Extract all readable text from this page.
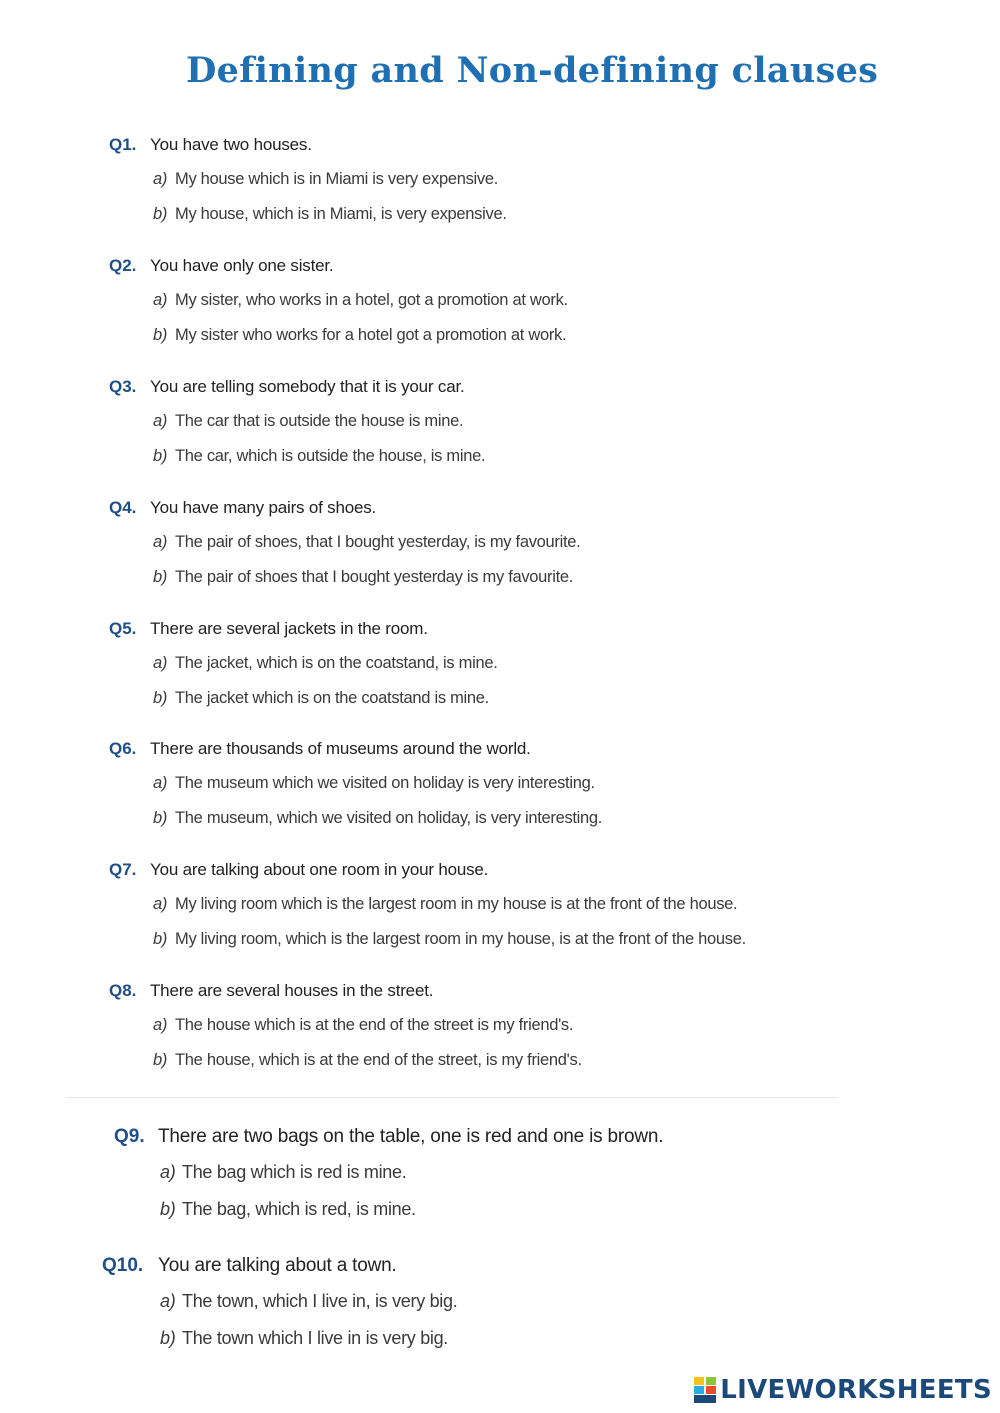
Defining and Non-defining clauses
Q1. You have two houses.
a) My house which is in Miami is very expensive.
b) My house, which is in Miami, is very expensive.
Q2. You have only one sister.
a) My sister, who works in a hotel, got a promotion at work.
b) My sister who works for a hotel got a promotion at work.
Q3. You are telling somebody that it is your car.
a) The car that is outside the house is mine.
b) The car, which is outside the house, is mine.
Q4. You have many pairs of shoes.
a) The pair of shoes, that I bought yesterday, is my favourite.
b) The pair of shoes that I bought yesterday is my favourite.
Q5. There are several jackets in the room.
a) The jacket, which is on the coatstand, is mine.
b) The jacket which is on the coatstand is mine.
Q6. There are thousands of museums around the world.
a) The museum which we visited on holiday is very interesting.
b) The museum, which we visited on holiday, is very interesting.
Q7. You are talking about one room in your house.
a) My living room which is the largest room in my house is at the front of the house.
b) My living room, which is the largest room in my house, is at the front of the house.
Q8. There are several houses in the street.
a) The house which is at the end of the street is my friend's.
b) The house, which is at the end of the street, is my friend's.
Q9. There are two bags on the table, one is red and one is brown.
a) The bag which is red is mine.
b) The bag, which is red, is mine.
Q10. You are talking about a town.
a) The town, which I live in, is very big.
b) The town which I live in is very big.
LIVEWORKSHEETS
